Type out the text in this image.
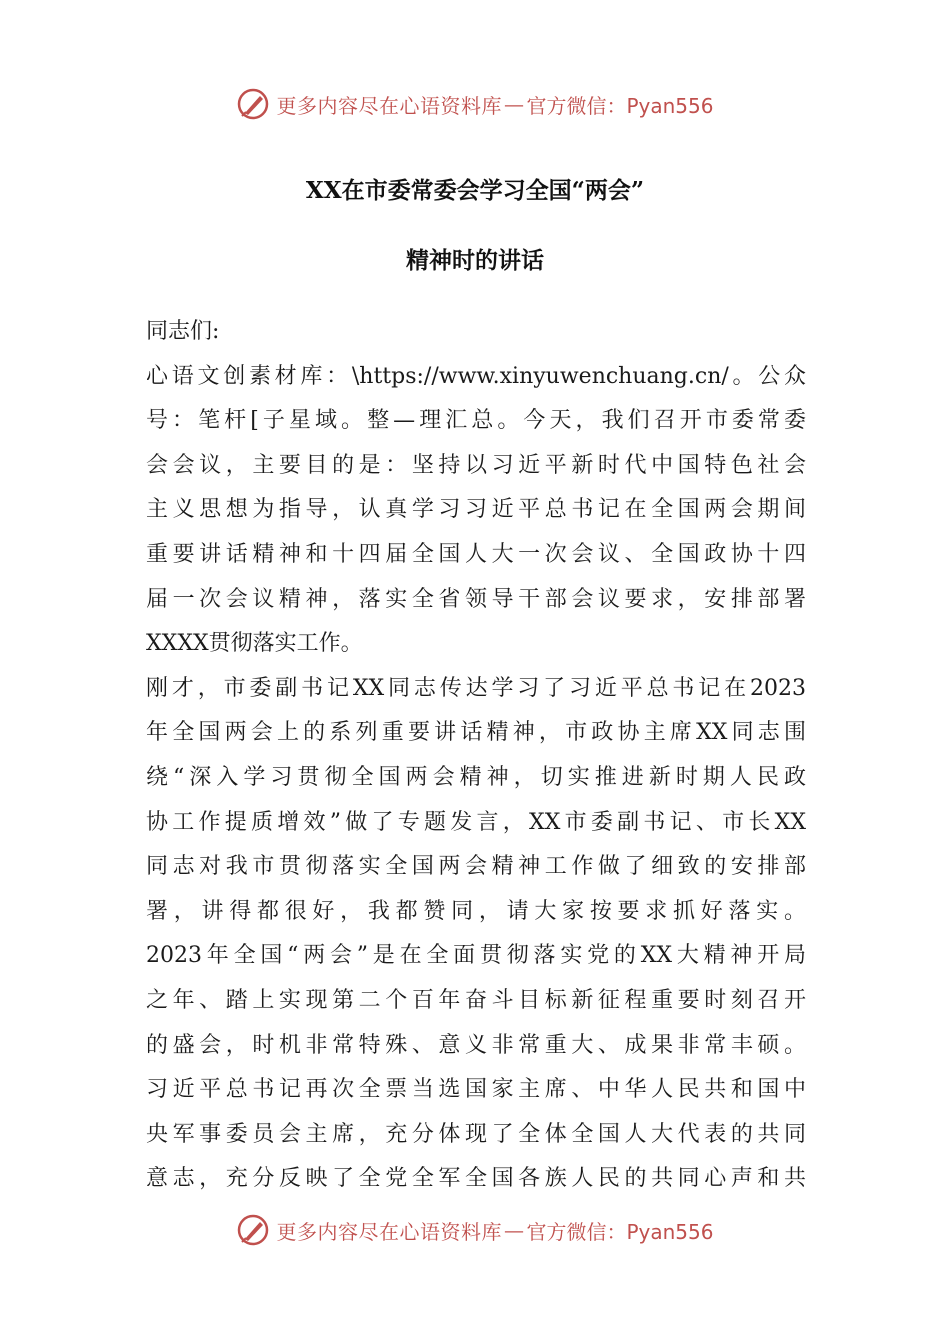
更多内容尽在心语资料库 — 官方微信：Pyan556
XX在市委常委会学习全国“两会”
精神时的讲话
同志们:
心语文创素材库：\https://www.xinyuwenchuang.cn/。公众
号：笔杆[子星域。整—理汇总。今天，我们召开市委常委
会会议，主要目的是：坚持以习近平新时代中国特色社会
主义思想为指导，认真学习习近平总书记在全国两会期间
重要讲话精神和十四届全国人大一次会议、全国政协十四
届一次会议精神，落实全省领导干部会议要求，安排部署
XXXX贯彻落实工作。
刚才，市委副书记XX同志传达学习了习近平总书记在2023
年全国两会上的系列重要讲话精神，市政协主席XX同志围
绕“深入学习贯彻全国两会精神，切实推进新时期人民政
协工作提质增效”做了专题发言，XX市委副书记、市长XX
同志对我市贯彻落实全国两会精神工作做了细致的安排部
署，讲得都很好，我都赞同，请大家按要求抓好落实。
2023年全国“两会”是在全面贯彻落实党的XX大精神开局
之年、踏上实现第二个百年奋斗目标新征程重要时刻召开
的盛会，时机非常特殊、意义非常重大、成果非常丰硕。
习近平总书记再次全票当选国家主席、中华人民共和国中
央军事委员会主席，充分体现了全体全国人大代表的共同
意志，充分反映了全党全军全国各族人民的共同心声和共
更多内容尽在心语资料库 — 官方微信：Pyan556
